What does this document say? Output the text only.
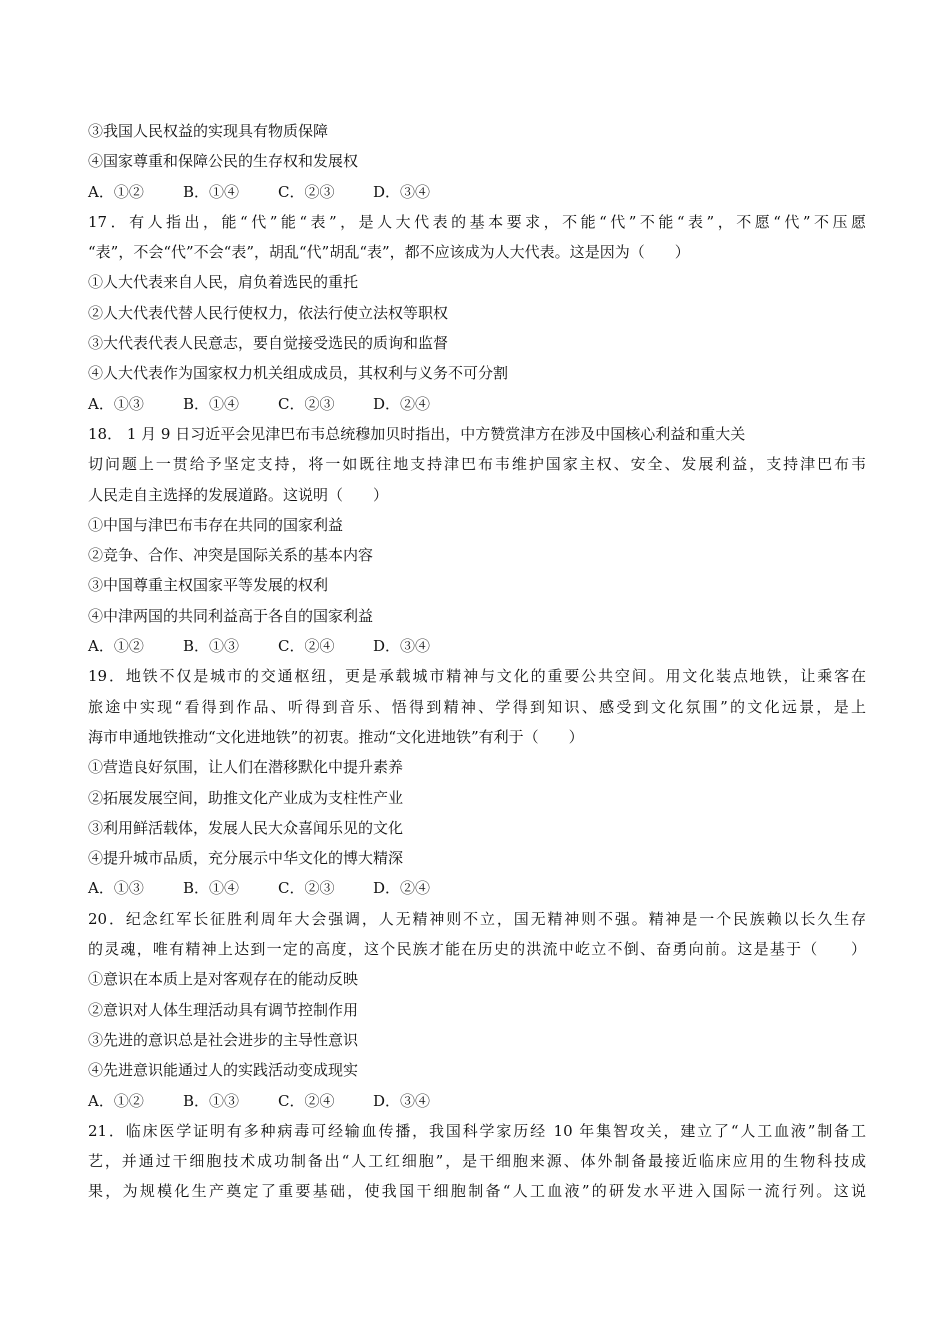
③我国人民权益的实现具有物质保障
④国家尊重和保障公民的生存权和发展权
A．①②	B．①④	C．②③	D．③④
17．有人指出，能“代”能“表”，是人大代表的基本要求，不能“代”不能“表”，不愿“代”不压愿
“表”，不会“代”不会“表”，胡乱“代”胡乱“表”，都不应该成为人大代表。这是因为（　　）
①人大代表来自人民，肩负着选民的重托
②人大代表代替人民行使权力，依法行使立法权等职权
③大代表代表人民意志，要自觉接受选民的质询和监督
④人大代表作为国家权力机关组成成员，其权利与义务不可分割
A．①③	B．①④	C．②③	D．②④
18． 1 月 9 日习近平会见津巴布韦总统穆加贝时指出，中方赞赏津方在涉及中国核心利益和重大关
切问题上一贯给予坚定支持，将一如既往地支持津巴布韦维护国家主权、安全、发展利益，支持津巴布韦
人民走自主选择的发展道路。这说明（　　）
①中国与津巴布韦存在共同的国家利益
②竞争、合作、冲突是国际关系的基本内容
③中国尊重主权国家平等发展的权利
④中津两国的共同利益高于各自的国家利益
A．①②	B．①③	C．②④	D．③④
19．地铁不仅是城市的交通枢纽，更是承载城市精神与文化的重要公共空间。用文化装点地铁，让乘客在
旅途中实现“看得到作品、听得到音乐、悟得到精神、学得到知识、感受到文化氛围”的文化远景，是上
海市申通地铁推动“文化进地铁”的初衷。推动“文化进地铁”有利于（　　）
①营造良好氛围，让人们在潜移默化中提升素养
②拓展发展空间，助推文化产业成为支柱性产业
③利用鲜活载体，发展人民大众喜闻乐见的文化
④提升城市品质，充分展示中华文化的博大精深
A．①③	B．①④	C．②③	D．②④
20．纪念红军长征胜利周年大会强调，人无精神则不立，国无精神则不强。精神是一个民族赖以长久生存
的灵魂，唯有精神上达到一定的高度，这个民族才能在历史的洪流中屹立不倒、奋勇向前。这是基于（　　）
①意识在本质上是对客观存在的能动反映
②意识对人体生理活动具有调节控制作用
③先进的意识总是社会进步的主导性意识
④先进意识能通过人的实践活动变成现实
A．①②	B．①③	C．②④	D．③④
21．临床医学证明有多种病毒可经输血传播，我国科学家历经 10 年集智攻关，建立了“人工血液”制备工
艺，并通过干细胞技术成功制备出“人工红细胞”，是干细胞来源、体外制备最接近临床应用的生物科技成
果，为规模化生产奠定了重要基础，使我国干细胞制备“人工血液”的研发水平进入国际一流行列。这说
